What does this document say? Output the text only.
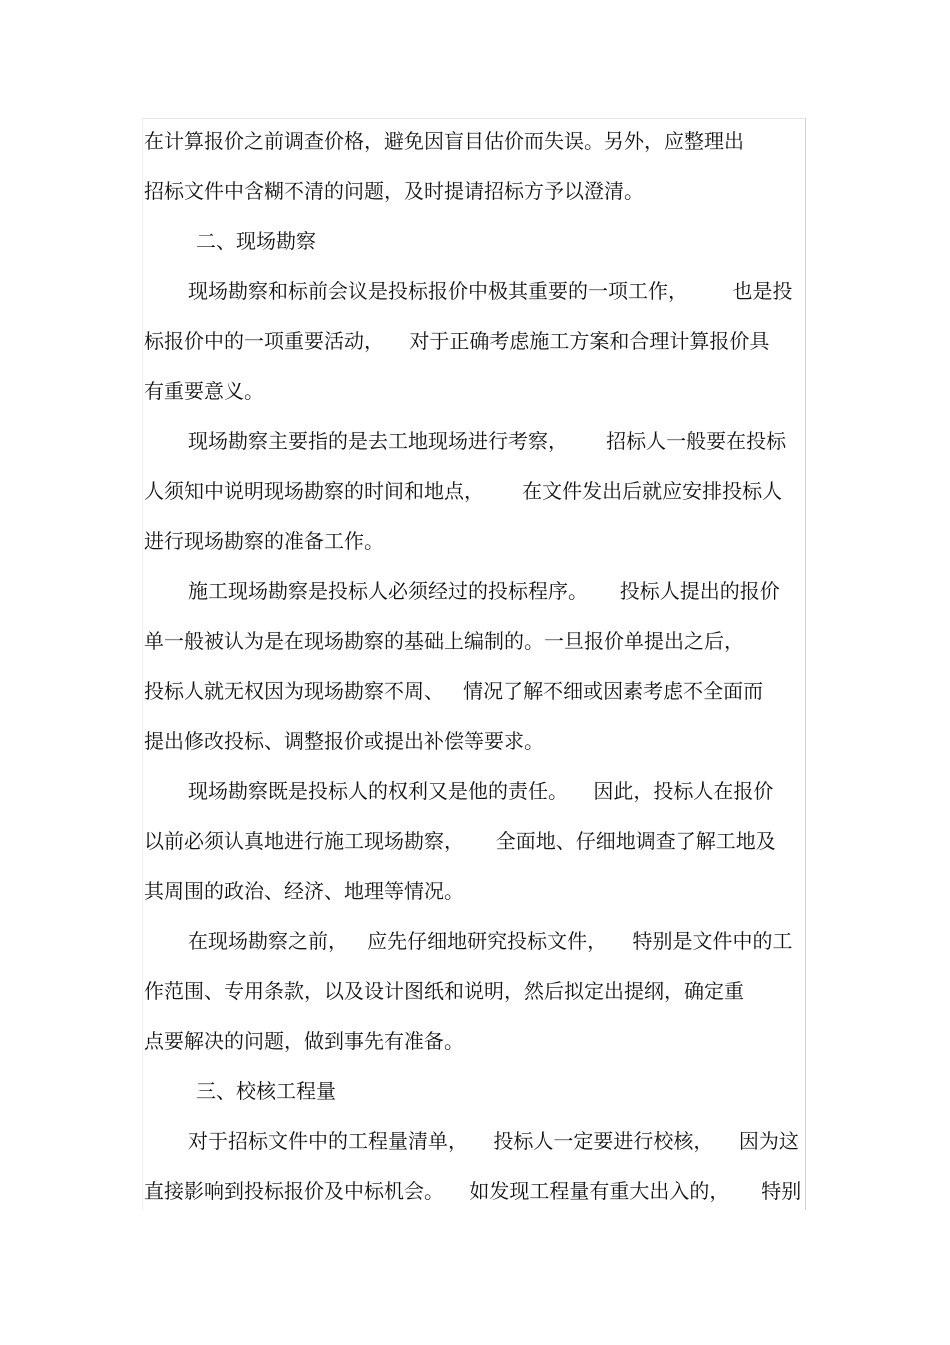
在计算报价之前调查价格，避免因盲目估价而失误。另外，应整理出
招标文件中含糊不清的问题，及时提请招标方予以澄清。
二、现场勘察
现场勘察和标前会议是投标报价中极其重要的一项工作，       也是投
标报价中的一项重要活动，    对于正确考虑施工方案和合理计算报价具
有重要意义。
现场勘察主要指的是去工地现场进行考察，      招标人一般要在投标
人须知中说明现场勘察的时间和地点，      在文件发出后就应安排投标人
进行现场勘察的准备工作。
施工现场勘察是投标人必须经过的投标程序。     投标人提出的报价
单一般被认为是在现场勘察的基础上编制的。一旦报价单提出之后，
投标人就无权因为现场勘察不周、   情况了解不细或因素考虑不全面而
提出修改投标、调整报价或提出补偿等要求。
现场勘察既是投标人的权利又是他的责任。    因此，投标人在报价
以前必须认真地进行施工现场勘察，     全面地、仔细地调查了解工地及
其周围的政治、经济、地理等情况。
在现场勘察之前，   应先仔细地研究投标文件，    特别是文件中的工
作范围、专用条款，以及设计图纸和说明，然后拟定出提纲，确定重
点要解决的问题，做到事先有准备。
三、校核工程量
对于招标文件中的工程量清单，    投标人一定要进行校核，    因为这
直接影响到投标报价及中标机会。    如发现工程量有重大出入的，     特别
